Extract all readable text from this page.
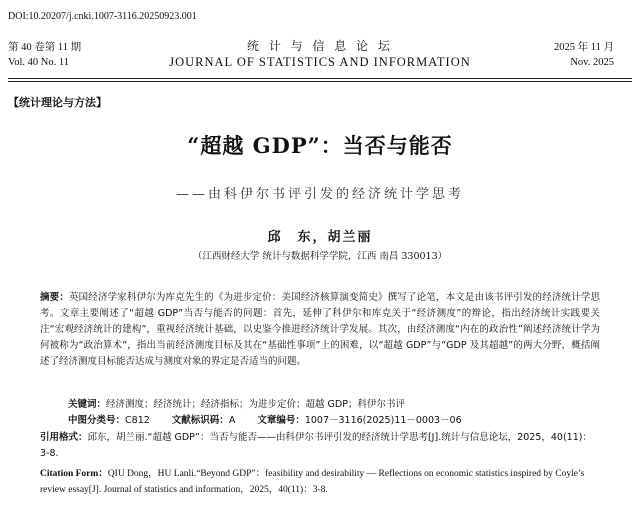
DOI:10.20207/j.cnki.1007-3116.20250923.001
第 40 卷第 11 期
Vol. 40 No. 11
统 计 与 信 息 论 坛
JOURNAL OF STATISTICS AND INFORMATION
2025 年 11 月
Nov. 2025
【统计理论与方法】
“超越 GDP”：当否与能否
——由科伊尔书评引发的经济统计学思考
邱　东，胡兰丽
（江西财经大学 统计与数据科学学院，江西 南昌 330013）
摘要：英国经济学家科伊尔为库克先生的《为进步定价：美国经济核算演变简史》撰写了论笔，本文是由该书评引发的经济统计学思考。文章主要阐述了“超越 GDP”当否与能否的问题：首先，延伸了科伊尔和库克关于“经济测度”的辩论，指出经济统计实践要关注“宏观经济统计的建构”，重视经济统计基础，以史鉴今推进经济统计学发展。其次，由经济测度“内在的政治性”阐述经济统计学为何被称为“政治算术”，指出当前经济测度目标及其在“基础性事项”上的困难，以“超越 GDP”与“GDP 及其超越”的两大分野，概括阐述了经济测度目标能否达成与测度对象的界定是否适当的问题。
关键词：经济测度；经济统计；经济指标；为进步定价；超越 GDP；科伊尔书评
中图分类号：C812 文献标识码：A 文章编号：1007－3116(2025)11－0003－06
引用格式：邱东，胡兰丽.“超越 GDP”：当否与能否——由科伊尔书评引发的经济统计学思考[J].统计与信息论坛，2025，40(11)：3-8.
Citation Form：QIU Dong，HU Lanli.“Beyond GDP”：feasibility and desirability — Reflections on economic statistics inspired by Coyle’s review essay[J]. Journal of statistics and information，2025，40(11)：3-8.
